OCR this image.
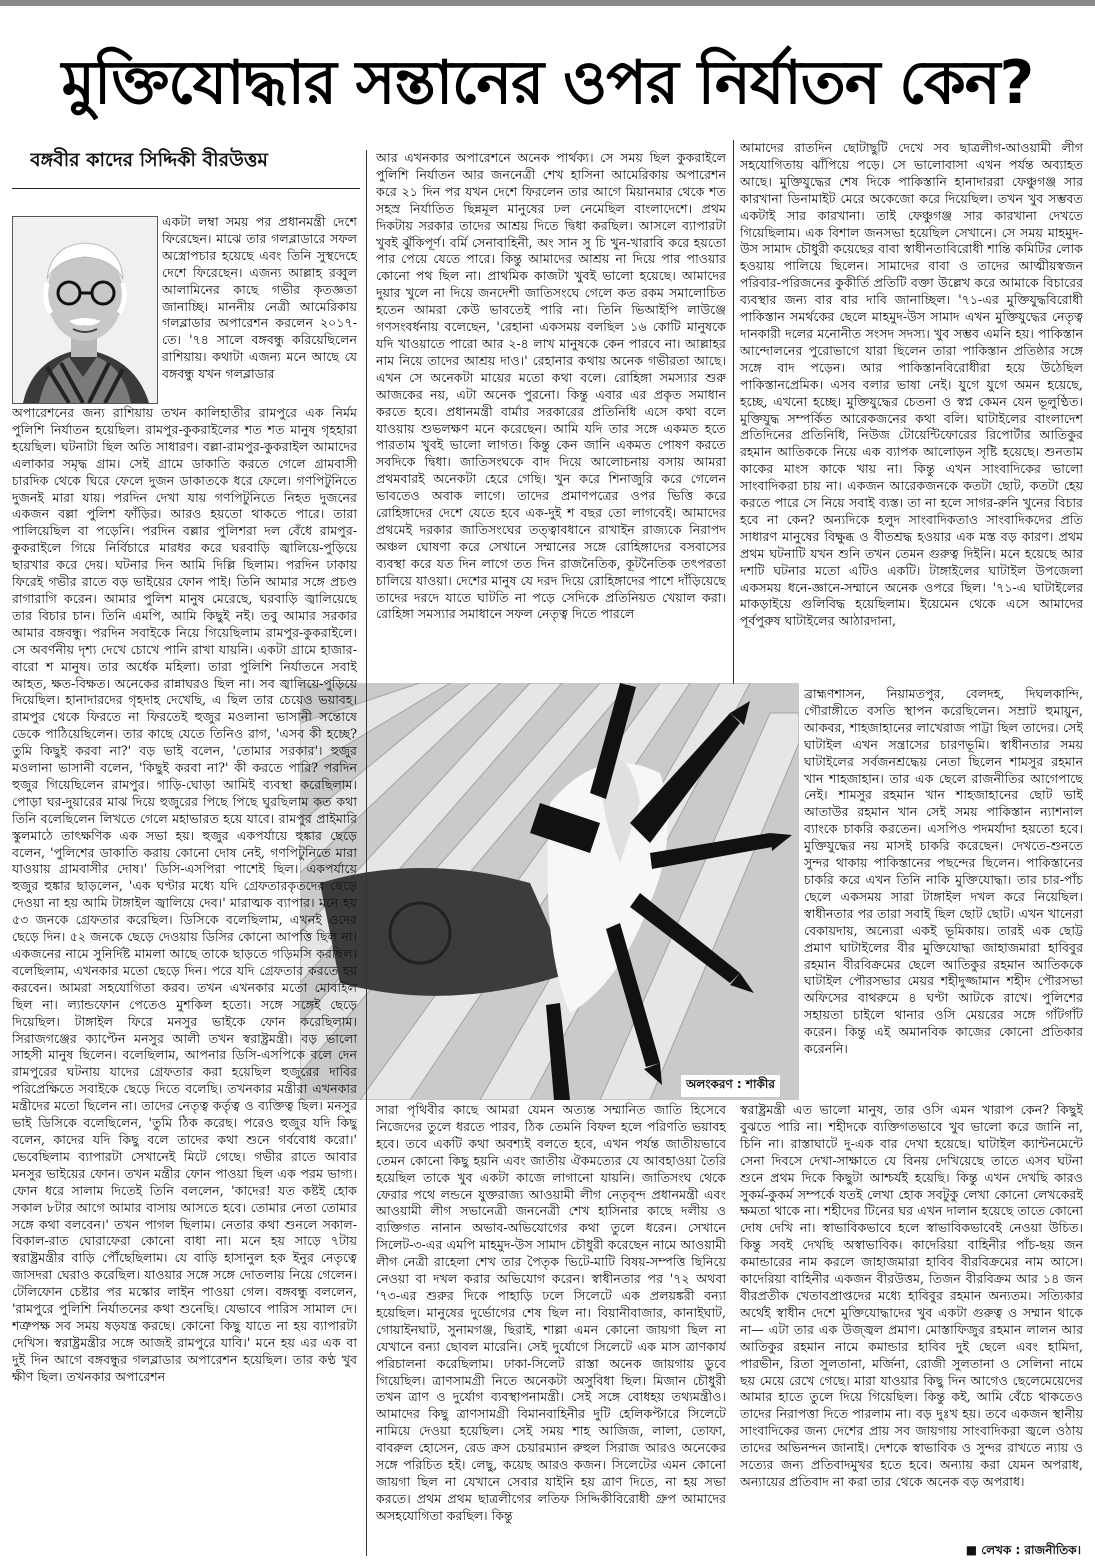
মুক্তিযোদ্ধার সন্তানের ওপর নির্যাতন কেন?
বঙ্গবীর কাদের সিদ্দিকী বীরউত্তম
অলংকরণ : শাকীর

একটা লম্বা সময় পর প্রধানমন্ত্রী দেশে ফিরেছেন। মাঝে তার গলব্লাডারে সফল অস্ত্রোপচার হয়েছে এবং তিনি সুস্থদেহে দেশে ফিরেছেন। এজন্য আল্লাহ রব্বুল আলামিনের কাছে গভীর কৃতজ্ঞতা জানাচ্ছি। মাননীয় নেত্রী আমেরিকায় গলব্লাডার অপারেশন করলেন ২০১৭-তে। '৭৪ সালে বঙ্গবন্ধু করিয়েছিলেন রাশিয়ায়। কথাটা এজন্য মনে আছে যে বঙ্গবন্ধু যখন গলব্লাডার

অপারেশনের জন্য রাশিয়ায় তখন কালিহাতীর রামপুরে এক নির্মম পুলিশি নির্যাতন হয়েছিল। রামপুর-কুকরাইলের শত শত মানুষ গৃহহারা হয়েছিল। ঘটনাটা ছিল অতি সাধারণ। বল্লা-রামপুর-কুকরাইল আমাদের এলাকার সমৃদ্ধ গ্রাম। সেই গ্রামে ডাকাতি করতে গেলে গ্রামবাসী চারদিক থেকে ঘিরে ফেলে দুজন ডাকাতকে ধরে ফেলে। গণপিটুনিতে দুজনই মারা যায়। পরদিন দেখা যায় গণপিটুনিতে নিহত দুজনের একজন বল্লা পুলিশ ফাঁড়ির। আরও হয়তো থাকতে পারে। তারা পালিয়েছিল বা পড়েনি। পরদিন বল্লার পুলিশরা দল বেঁধে রামপুর-কুকরাইলে গিয়ে নির্বিচারে মারধর করে ঘরবাড়ি জ্বালিয়ে-পুড়িয়ে ছারখার করে দেয়। ঘটনার দিন আমি দিল্লি ছিলাম। পরদিন ঢাকায় ফিরেই গভীর রাতে বড় ভাইয়ের ফোন পাই। তিনি আমার সঙ্গে প্রচণ্ড রাগারাগি করেন। আমার পুলিশ মানুষ মেরেছে, ঘরবাড়ি জ্বালিয়েছে তার বিচার চান। তিনি এমপি, আমি কিছুই নই। তবু আমার সরকার আমার বঙ্গবন্ধু। পরদিন সবাইকে নিয়ে গিয়েছিলাম রামপুর-কুকরাইলে। সে অবর্ণনীয় দৃশ্য দেখে চোখে পানি রাখা যায়নি। একটা গ্রামে হাজার-বারো শ মানুষ। তার অর্ধেক মহিলা। তারা পুলিশি নির্যাতনে সবাই আহত, ক্ষত-বিক্ষত। অনেকের রান্নাঘরও ছিল না। সব জ্বালিয়ে-পুড়িয়ে দিয়েছিল। হানাদারদের গৃহদাহ দেখেছি, এ ছিল তার চেয়েও ভয়াবহ। রামপুর থেকে ফিরতে না ফিরতেই হুজুর মওলানা ভাসানী সন্তোষে ডেকে পাঠিয়েছিলেন। তার কাছে যেতে তিনিও রাগ, 'এসব কী হচ্ছে? তুমি কিছুই করবা না?' বড় ভাই বলেন, 'তোমার সরকার'। হুজুর মওলানা ভাসানী বলেন, 'কিছুই করবা না?' কী করতে পারি? পরদিন হুজুর গিয়েছিলেন রামপুর। গাড়ি-ঘোড়া আমিই ব্যবস্থা করেছিলাম। পোড়া ঘর-দুয়ারের মাঝ দিয়ে হুজুরের পিছে পিছে ঘুরছিলাম কত কথা তিনি বলেছিলেন লিখতে গেলে মহাভারত হয়ে যাবে। রামপুর প্রাইমারি স্কুলমাঠে তাৎক্ষণিক এক সভা হয়। হুজুর একপর্যায়ে হুঙ্কার ছেড়ে বলেন, 'পুলিশের ডাকাতি করায় কোনো দোষ নেই, গণপিটুনিতে মারা যাওয়ায় গ্রামবাসীর দোষ।' ডিসি-এসপিরা পাশেই ছিল। একপর্যায়ে হুজুর হুঙ্কার ছাড়লেন, 'এক ঘণ্টার মধ্যে যদি গ্রেফতারকৃতদের ছেড়ে দেওয়া না হয় আমি টাঙ্গাইল জ্বালিয়ে দেব।' মারাত্মক ব্যাপার। মনে হয় ৫৩ জনকে গ্রেফতার করেছিল। ডিসিকে বলেছিলাম, এখনই ওদের ছেড়ে দিন। ৫২ জনকে ছেড়ে দেওয়ায় ডিসির কোনো আপত্তি ছিল না। একজনের নামে সুনির্দিষ্ট মামলা আছে তাকে ছাড়তে গড়িমসি করছিল। বলেছিলাম, এখনকার মতো ছেড়ে দিন। পরে যদি গ্রেফতার করতে হয় করবেন। আমরা সহযোগিতা করব। তখন এখনকার মতো মোবাইল ছিল না। ল্যান্ডফোন পেতেও মুশকিল হতো। সঙ্গে সঙ্গেই ছেড়ে দিয়েছিল। টাঙ্গাইল ফিরে মনসুর ভাইকে ফোন করেছিলাম। সিরাজগঞ্জের ক্যাপ্টেন মনসুর আলী তখন স্বরাষ্ট্রমন্ত্রী। বড় ভালো সাহসী মানুষ ছিলেন। বলেছিলাম, আপনার ডিসি-এসপিকে বলে দেন রামপুরের ঘটনায় যাদের গ্রেফতার করা হয়েছিল হুজুরের দাবির পরিপ্রেক্ষিতে সবাইকে ছেড়ে দিতে বলেছি। তখনকার মন্ত্রীরা এখনকার মন্ত্রীদের মতো ছিলেন না। তাদের নেতৃত্ব কর্তৃত্ব ও ব্যক্তিত্ব ছিল। মনসুর ভাই ডিসিকে বলেছিলেন, 'তুমি ঠিক করেছ। পরেও হুজুর যদি কিছু বলেন, কাদের যদি কিছু বলে তাদের কথা শুনে গর্ববোধ করো।' ভেবেছিলাম ব্যাপারটা সেখানেই মিটে গেছে। গভীর রাতে আবার মনসুর ভাইয়ের ফোন। তখন মন্ত্রীর ফোন পাওয়া ছিল এক পরম ভাগ্য। ফোন ধরে সালাম দিতেই তিনি বললেন, 'কাদের! যত কষ্টই হোক সকাল ৮টার আগে আমার বাসায় আসতে হবে। তোমার নেতা তোমার সঙ্গে কথা বলবেন।' তখন পাগল ছিলাম। নেতার কথা শুনলে সকাল-বিকাল-রাত ঘোরাফেরা কোনো বাধা না। মনে হয় সাড়ে ৭টায় স্বরাষ্ট্রমন্ত্রীর বাড়ি পৌঁছেছিলাম। যে বাড়ি হাসানুল হক ইনুর নেতৃত্বে জাসদরা ঘেরাও করেছিল। যাওয়ার সঙ্গে সঙ্গে দোতলায় নিয়ে গেলেন। টেলিফোন চেষ্টার পর মস্কোর লাইন পাওয়া গেল। বঙ্গবন্ধু বললেন, 'রামপুরে পুলিশি নির্যাতনের কথা শুনেছি। যেভাবে পারিস সামাল দে। শত্রুপক্ষ সব সময় ষড়যন্ত্র করছে। কোনো কিছু যাতে না হয় ব্যাপারটা দেখিস। স্বরাষ্ট্রমন্ত্রীর সঙ্গে আজই রামপুরে যাবি।' মনে হয় এর এক বা দুই দিন আগে বঙ্গবন্ধুর গলব্লাডার অপারেশন হয়েছিল। তার কণ্ঠ খুব ক্ষীণ ছিল। তখনকার অপারেশন

আর এখনকার অপারেশনে অনেক পার্থক্য। সে সময় ছিল কুকরাইলে পুলিশি নির্যাতন আর জননেত্রী শেখ হাসিনা আমেরিকায় অপারেশন করে ২১ দিন পর যখন দেশে ফিরলেন তার আগে মিয়ানমার থেকে শত সহস্র নির্যাতিত ছিন্নমূল মানুষের ঢল নেমেছিল বাংলাদেশে। প্রথম দিকটায় সরকার তাদের আশ্রয় দিতে দ্বিধা করছিল। আসলে ব্যাপারটা খুবই ঝুঁকিপূর্ণ। বর্মি সেনাবাহিনী, অং সান সু চি খুন-খারাবি করে হয়তো পার পেয়ে যেতে পারে। কিন্তু আমাদের আশ্রয় না দিয়ে পার পাওয়ার কোনো পথ ছিল না। প্রাথমিক কাজটা খুবই ভালো হয়েছে। আমাদের দুয়ার খুলে না দিয়ে জনদেশী জাতিসংঘে গেলে কত রকম সমালোচিত হতেন আমরা কেউ ভাবতেই পারি না। তিনি ভিআইপি লাউঞ্জে গণসংবর্ধনায় বলেছেন, 'রেহানা একসময় বলছিল ১৬ কোটি মানুষকে যদি খাওয়াতে পারো আর ২-৪ লাখ মানুষকে কেন পারবে না। আল্লাহর নাম নিয়ে তাদের আশ্রয় দাও।' রেহানার কথায় অনেক গভীরতা আছে। এখন সে অনেকটা মায়ের মতো কথা বলে। রোহিঙ্গা সমস্যার শুরু আজকের নয়, এটা অনেক পুরনো। কিন্তু এবার এর প্রকৃত সমাধান করতে হবে। প্রধানমন্ত্রী বার্মার সরকারের প্রতিনিধি এসে কথা বলে যাওয়ায় শুভলক্ষণ মনে করেছেন। আমি যদি তার সঙ্গে একমত হতে পারতাম খুবই ভালো লাগত। কিন্তু কেন জানি একমত পোষণ করতে সবদিকে দ্বিধা। জাতিসংঘকে বাদ দিয়ে আলোচনায় বসায় আমরা প্রথমবারই অনেকটা হেরে গেছি। খুন করে শিনাজুরি করে গেলেন ভাবতেও অবাক লাগে। তাদের প্রমাণপত্রের ওপর ভিত্তি করে রোহিঙ্গাদের দেশে যেতে হবে এক-দুই শ বছর তো লাগবেই। আমাদের প্রথমেই দরকার জাতিসংঘের তত্ত্বাবধানে রাখাইন রাজ্যকে নিরাপদ অঞ্চল ঘোষণা করে সেখানে সম্মানের সঙ্গে রোহিঙ্গাদের বসবাসের ব্যবস্থা করে যত দিন লাগে তত দিন রাজনৈতিক, কূটনৈতিক তৎপরতা চালিয়ে যাওয়া। দেশের মানুষ যে দরদ দিয়ে রোহিঙ্গাদের পাশে দাঁড়িয়েছে তাদের দরদে যাতে ঘাটতি না পড়ে সেদিকে প্রতিনিয়ত খেয়াল করা। রোহিঙ্গা সমস্যার সমাধানে সফল নেতৃত্ব দিতে পারলে

সারা পৃথিবীর কাছে আমরা যেমন অত্যন্ত সম্মানিত জাতি হিসেবে নিজেদের তুলে ধরতে পারব, ঠিক তেমনি বিফল হলে পরিণতি ভয়াবহ হবে। তবে একটি কথা অবশ্যই বলতে হবে, এখন পর্যন্ত জাতীয়ভাবে তেমন কোনো কিছু হয়নি এবং জাতীয় ঐকমত্যের যে আবহাওয়া তৈরি হয়েছিল তাকে খুব একটা কাজে লাগানো যায়নি। জাতিসংঘ থেকে ফেরার পথে লন্ডনে যুক্তরাজ্য আওয়ামী লীগ নেতৃবৃন্দ প্রধানমন্ত্রী এবং আওয়ামী লীগ সভানেত্রী জননেত্রী শেখ হাসিনার কাছে দলীয় ও ব্যক্তিগত নানান অভাব-অভিযোগের কথা তুলে ধরেন। সেখানে সিলেট-৩-এর এমপি মাহমুদ-উস সামাদ চৌধুরী করেছেন নামে আওয়ামী লীগ নেত্রী রাহেলা শেখ তার পৈতৃক ভিটে-মাটি বিষয়-সম্পত্তি ছিনিয়ে নেওয়া বা দখল করার অভিযোগ করেন। স্বাধীনতার পর '৭২ অথবা '৭৩-এর শুরুর দিকে পাহাড়ি ঢলে সিলেটে এক প্রলয়ঙ্করী বন্যা হয়েছিল। মানুষের দুর্ভোগের শেষ ছিল না। বিয়ানীবাজার, কানাইঘাট, গোয়াইনঘাট, সুনামগঞ্জ, ছিরাই, শাল্লা এমন কোনো জায়গা ছিল না যেখানে বন্যা ছোবল মারেনি। সেই দুর্যোগে সিলেটে এক মাস ত্রাণকার্য পরিচালনা করেছিলাম। ঢাকা-সিলেট রাস্তা অনেক জায়গায় ডুবে গিয়েছিল। ত্রাণসামগ্রী নিতে অনেকটা অসুবিধা ছিল। মিজান চৌধুরী তখন ত্রাণ ও দুর্যোগ ব্যবস্থাপনামন্ত্রী। সেই সঙ্গে বোধহয় তথ্যমন্ত্রীও। আমাদের কিছু ত্রাণসামগ্রী বিমানবাহিনীর দুটি হেলিকপ্টারে সিলেটে নামিয়ে দেওয়া হয়েছিল। সেই সময় শাহ আজিজ, লালা, তোফা, বাবরুল হোসেন, রেড ক্রস চেয়ারম্যান রুহুল সিরাজ আরও অনেকের সঙ্গে পরিচিত হই। লেছু, কয়েছ আরও কজন। সিলেটের এমন কোনো জায়গা ছিল না যেখানে সেবার যাইনি হয় ত্রাণ দিতে, না হয় সভা করতে। প্রথম প্রথম ছাত্রলীগের লতিফ সিদ্দিকীবিরোধী গ্রুপ আমাদের অসহযোগিতা করছিল। কিন্তু

আমাদের রাতদিন ছোটাছুটি দেখে সব ছাত্রলীগ-আওয়ামী লীগ সহযোগিতায় ঝাঁপিয়ে পড়ে। সে ভালোবাসা এখন পর্যন্ত অব্যাহত আছে। মুক্তিযুদ্ধের শেষ দিকে পাকিস্তানি হানাদাররা ফেঞ্চুগঞ্জ সার কারখানা ডিনামাইট মেরে অকেজো করে দিয়েছিল। তখন খুব সম্ভবত একটাই সার কারখানা। তাই ফেঞ্চুগঞ্জ সার কারখানা দেখতে গিয়েছিলাম। এক বিশাল জনসভা হয়েছিল সেখানে। সে সময় মাহমুদ-উস সামাদ চৌধুরী কয়েছের বাবা স্বাধীনতাবিরোধী শান্তি কমিটির লোক হওয়ায় পালিয়ে ছিলেন। সামাদের বাবা ও তাদের আত্মীয়স্বজন পরিবার-পরিজনের কুকীর্তি প্রতিটি বক্তা উল্লেখ করে আমাকে বিচারের ব্যবস্থার জন্য বার বার দাবি জানাচ্ছিল। '৭১-এর মুক্তিযুদ্ধবিরোধী পাকিস্তান সমর্থকের ছেলে মাহমুদ-উস সামাদ এখন মুক্তিযুদ্ধের নেতৃত্ব দানকারী দলের মনোনীত সংসদ সদস্য। খুব সম্ভব এমনি হয়। পাকিস্তান আন্দোলনের পুরোভাগে যারা ছিলেন তারা পাকিস্তান প্রতিষ্ঠার সঙ্গে সঙ্গে বাদ পড়েন। আর পাকিস্তানবিরোধীরা হয়ে উঠেছিল পাকিস্তানপ্রেমিক। এসব বলার ভাষা নেই। যুগে যুগে অমন হয়েছে, হচ্ছে, এখনো হচ্ছে। মুক্তিযুদ্ধের চেতনা ও স্বপ্ন কেমন যেন ভূলুণ্ঠিত। মুক্তিযুদ্ধ সম্পর্কিত আরেকজনের কথা বলি। ঘাটাইলের বাংলাদেশ প্রতিদিনের প্রতিনিধি, নিউজ টোয়েন্টিফোরের রিপোর্টার আতিকুর রহমান আতিককে নিয়ে এক ব্যাপক আলোড়ন সৃষ্টি হয়েছে। শুনতাম কাকের মাংস কাকে খায় না। কিন্তু এখন সাংবাদিকের ভালো সাংবাদিকরা চায় না। একজন আরেকজনকে কতটা ছোট, কতটা হেয় করতে পারে সে নিয়ে সবাই ব্যস্ত। তা না হলে সাগর-রুনি খুনের বিচার হবে না কেন? অন্যদিকে হলুদ সাংবাদিকতাও সাংবাদিকদের প্রতি সাধারণ মানুষের বিক্ষুব্ধ ও বীতশ্রদ্ধ হওয়ার এক মস্ত বড় কারণ। প্রথম প্রথম ঘটনাটি যখন শুনি তখন তেমন গুরুত্ব দিইনি। মনে হয়েছে আর দশটি ঘটনার মতো এটিও একটি। টাঙ্গাইলের ঘাটাইল উপজেলা একসময় ধনে-জ্ঞানে-সম্মানে অনেক ওপরে ছিল। '৭১-এ ঘাটাইলের মাকড়াইয়ে গুলিবিদ্ধ হয়েছিলাম। ইয়েমেন থেকে এসে আমাদের পূর্বপুরুষ ঘাটাইলের আঠারদানা,

ব্রাহ্মণশাসন, নিয়ামতপুর, বেলদহ, দিঘলকান্দি, গৌরাঙ্গীতে বসতি স্থাপন করেছিলেন। সম্রাট হুমায়ুন, আকবর, শাহজাহানের লাখেরাজ পাট্টা ছিল তাদের। সেই ঘাটাইল এখন সন্ত্রাসের চারণভূমি। স্বাধীনতার সময় ঘাটাইলের সর্বজনশ্রদ্ধেয় নেতা ছিলেন শামসুর রহমান খান শাহজাহান। তার এক ছেলে রাজনীতির আগেপাছে নেই। শামসুর রহমান খান শাহজাহানের ছোট ভাই আতাউর রহমান খান সেই সময় পাকিস্তান ন্যাশনাল ব্যাংকে চাকরি করতেন। এসপিও পদমর্যাদা হয়তো হবে। মুক্তিযুদ্ধের নয় মাসই চাকরি করেছেন। দেখতে-শুনতে সুন্দর থাকায় পাকিস্তানের পছন্দের ছিলেন। পাকিস্তানের চাকরি করে এখন তিনি নাকি মুক্তিযোদ্ধা। তার চার-পাঁচ ছেলে একসময় সারা টাঙ্গাইল দখল করে নিয়েছিল। স্বাধীনতার পর তারা সবাই ছিল ছোট ছোট। এখন খানেরা বেকায়দায়, অন্যেরা একই ভূমিকায়। তারই এক ছোট্ট প্রমাণ ঘাটাইলের বীর মুক্তিযোদ্ধা জাহাজমারা হাবিবুর রহমান বীরবিক্রমের ছেলে আতিকুর রহমান আতিককে ঘাটাইল পৌরসভার মেয়র শহীদুজ্জামান শহীদ পৌরসভা অফিসের বাথরুমে ৪ ঘণ্টা আটকে রাখে। পুলিশের সহায়তা চাইলে থানার ওসি মেয়রের সঙ্গে গাঁটগাঁট করেন। কিন্তু এই অমানবিক কাজের কোনো প্রতিকার করেননি।

স্বরাষ্ট্রমন্ত্রী এত ভালো মানুষ, তার ওসি এমন খারাপ কেন? কিছুই বুঝতে পারি না। শহীদকে ব্যক্তিগতভাবে খুব ভালো করে জানি না, চিনি না। রাস্তাঘাটে দু-এক বার দেখা হয়েছে। ঘাটাইল ক্যান্টনমেন্টে সেনা দিবসে দেখা-সাক্ষাতে যে বিনয় দেখিয়েছে তাতে এসব ঘটনা শুনে প্রথম দিকে কিছুটা আশ্চর্যই হয়েছি। কিন্তু এখন দেখছি কারও সুকর্ম-কুকর্ম সম্পর্কে যতই লেখা হোক সবটুকু লেখা কোনো লেখকেরই ক্ষমতা থাকে না। শহীদের টিনের ঘর এখন দালান হয়েছে তাতে কোনো দোষ দেখি না। স্বাভাবিকভাবে হলে স্বাভাবিকভাবেই নেওয়া উচিত। কিন্তু সবই দেখছি অস্বাভাবিক। কাদেরিয়া বাহিনীর পাঁচ-ছয় জন কমান্ডারের নাম করলে জাহাজমারা হাবিব বীরবিক্রমের নাম আসে। কাদেরিয়া বাহিনীর একজন বীরউত্তম, তিজন বীরবিক্রম আর ১৪ জন বীরপ্রতীক খেতাবপ্রাপ্তদের মধ্যে হাবিবুর রহমান অন্যতম। সত্যিকার অর্থেই স্বাধীন দেশে মুক্তিযোদ্ধাদের খুব একটা গুরুত্ব ও সম্মান থাকে না— এটা তার এক উজ্জ্বল প্রমাণ। মোস্তাফিজুর রহমান লালন আর আতিকুর রহমান নামে কমান্ডার হাবিব দুই ছেলে এবং হামিদা, পারভীন, রিতা সুলতানা, মর্জিনা, রোজী সুলতানা ও সেলিনা নামে ছয় মেয়ে রেখে গেছে। মারা যাওয়ার কিছু দিন আগেও ছেলেমেয়েদের আমার হাতে তুলে দিয়ে গিয়েছিল। কিন্তু কই, আমি বেঁচে থাকতেও তাদের নিরাপত্তা দিতে পারলাম না। বড় দুঃখ হয়। তবে একজন স্থানীয় সাংবাদিকের জন্য দেশের প্রায় সব জায়গায় সাংবাদিকরা জ্বলে ওঠায় তাদের অভিনন্দন জানাই। দেশকে স্বাভাবিক ও সুন্দর রাখতে ন্যায় ও সত্যের জন্য প্রতিবাদমুখর হতে হবে। অন্যায় করা যেমন অপরাধ, অন্যায়ের প্রতিবাদ না করা তার থেকে অনেক বড় অপরাধ।

■ লেখক : রাজনীতিক।
